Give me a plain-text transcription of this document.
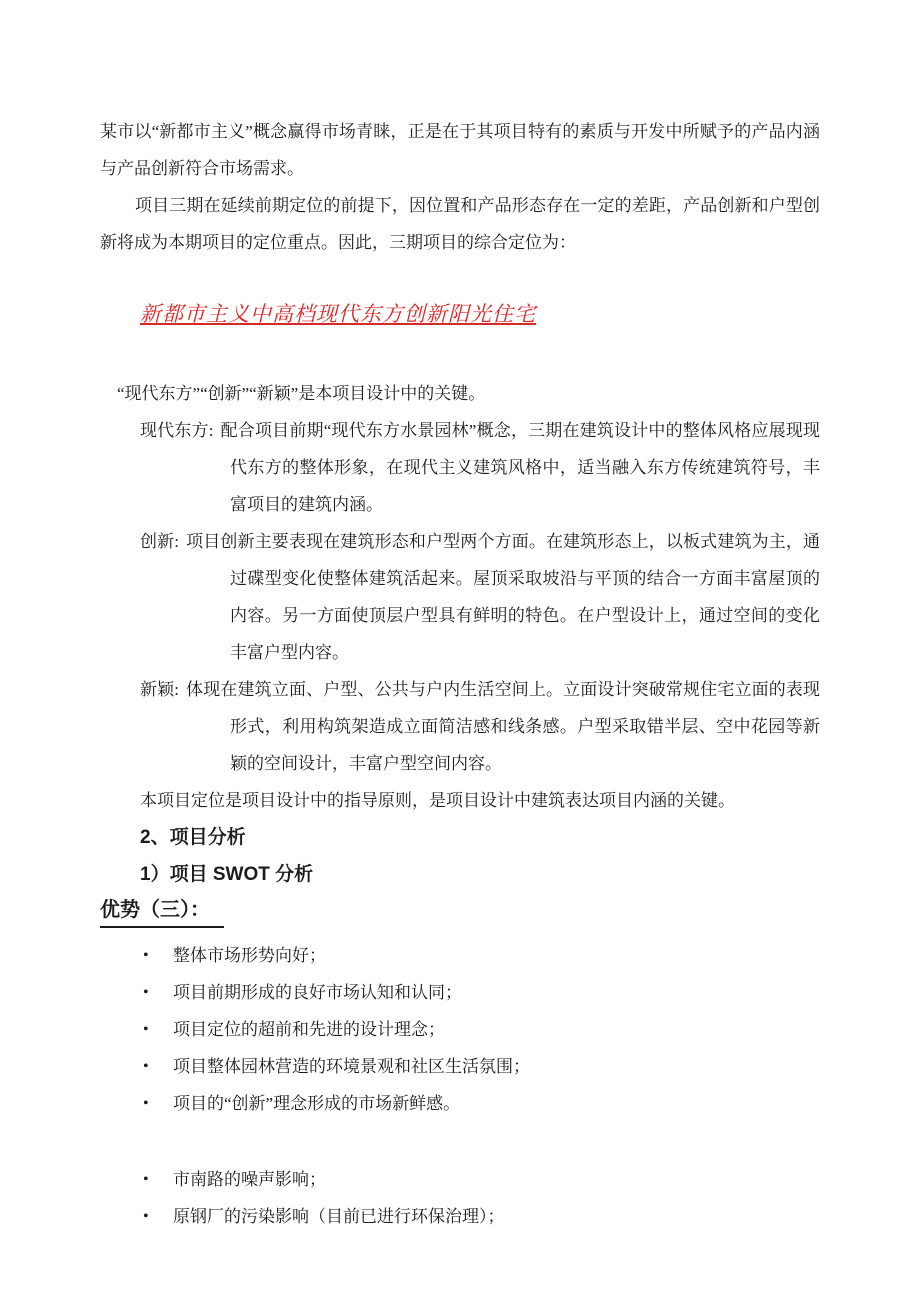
某市以“新都市主义”概念赢得市场青睐，正是在于其项目特有的素质与开发中所赋予的产品内涵与产品创新符合市场需求。

项目三期在延续前期定位的前提下，因位置和产品形态存在一定的差距，产品创新和户型创新将成为本期项目的定位重点。因此，三期项目的综合定位为：

新都市主义中高档现代东方创新阳光住宅

“现代东方”“创新”“新颖”是本项目设计中的关键。

现代东方: 配合项目前期“现代东方水景园林”概念，三期在建筑设计中的整体风格应展现现代东方的整体形象，在现代主义建筑风格中，适当融入东方传统建筑符号，丰富项目的建筑内涵。
创新: 项目创新主要表现在建筑形态和户型两个方面。在建筑形态上，以板式建筑为主，通过碟型变化使整体建筑活起来。屋顶采取坡沿与平顶的结合一方面丰富屋顶的内容。另一方面使顶层户型具有鲜明的特色。在户型设计上，通过空间的变化丰富户型内容。
新颖: 体现在建筑立面、户型、公共与户内生活空间上。立面设计突破常规住宅立面的表现形式，利用构筑架造成立面简洁感和线条感。户型采取错半层、空中花园等新颖的空间设计，丰富户型空间内容。

本项目定位是项目设计中的指导原则，是项目设计中建筑表达项目内涵的关键。

2、项目分析
1）项目 SWOT 分析
优势（三）：
• 整体市场形势向好；
• 项目前期形成的良好市场认知和认同；
• 项目定位的超前和先进的设计理念；
• 项目整体园林营造的环境景观和社区生活氛围；
• 项目的“创新”理念形成的市场新鲜感。
• 市南路的噪声影响；
• 原钢厂的污染影响（目前已进行环保治理）；
